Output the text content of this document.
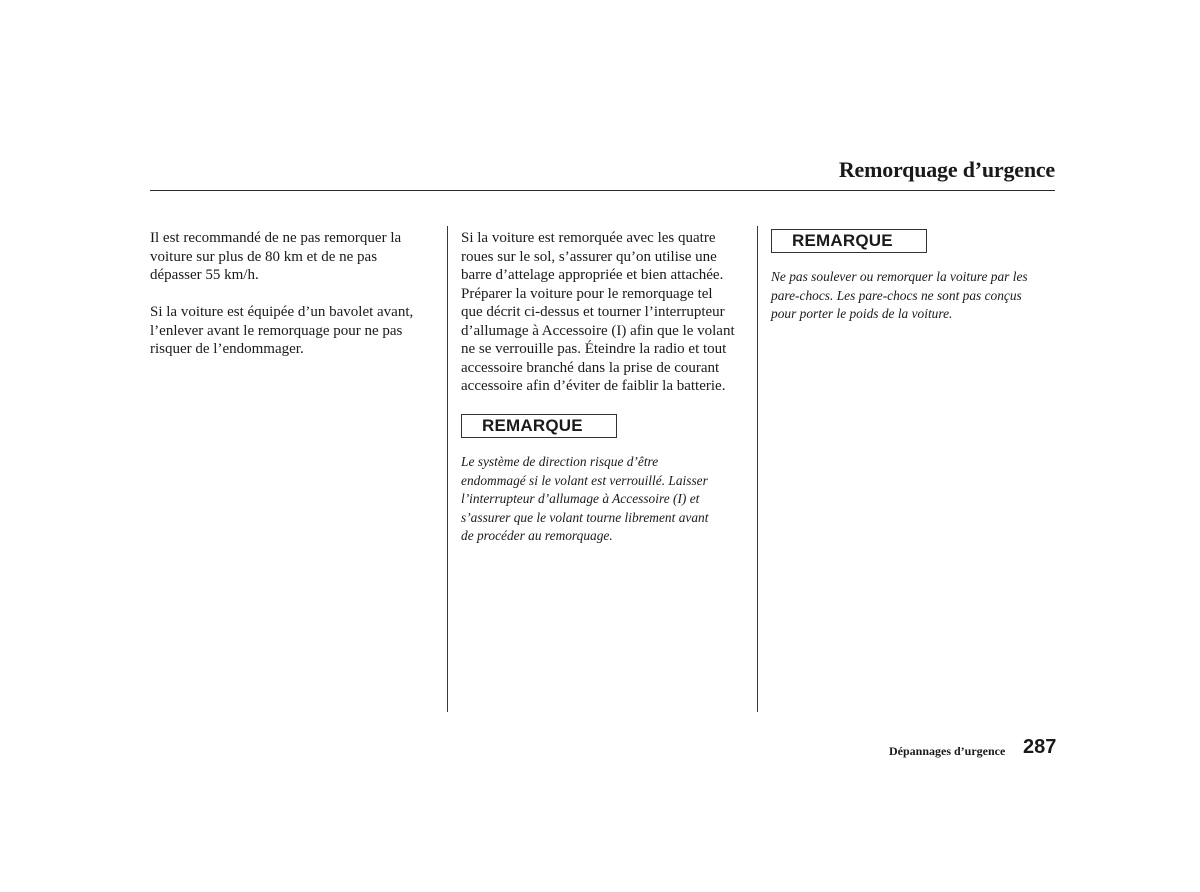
Remorquage d’urgence

Il est recommandé de ne pas remorquer la

voiture sur plus de 80 km et de ne pas

dépasser 55 km/h.

Si la voiture est équipée d’un bavolet avant,

l’enlever avant le remorquage pour ne pas

risquer de l’endommager.

Si la voiture est remorquée avec les quatre

roues sur le sol, s’assurer qu’on utilise une

barre d’attelage appropriée et bien attachée.

Préparer la voiture pour le remorquage tel

que décrit ci-dessus et tourner l’interrupteur

d’allumage à Accessoire (I) afin que le volant

ne se verrouille pas. Éteindre la radio et tout

accessoire branché dans la prise de courant

accessoire afin d’éviter de faiblir la batterie.

REMARQUE

Le système de direction risque d’être

endommagé si le volant est verrouillé. Laisser

l’interrupteur d’allumage à Accessoire (I) et

s’assurer que le volant tourne librement avant

de procéder au remorquage.

REMARQUE

Ne pas soulever ou remorquer la voiture par les

pare-chocs. Les pare-chocs ne sont pas conçus

pour porter le poids de la voiture.

Dépannages d’urgence 287
